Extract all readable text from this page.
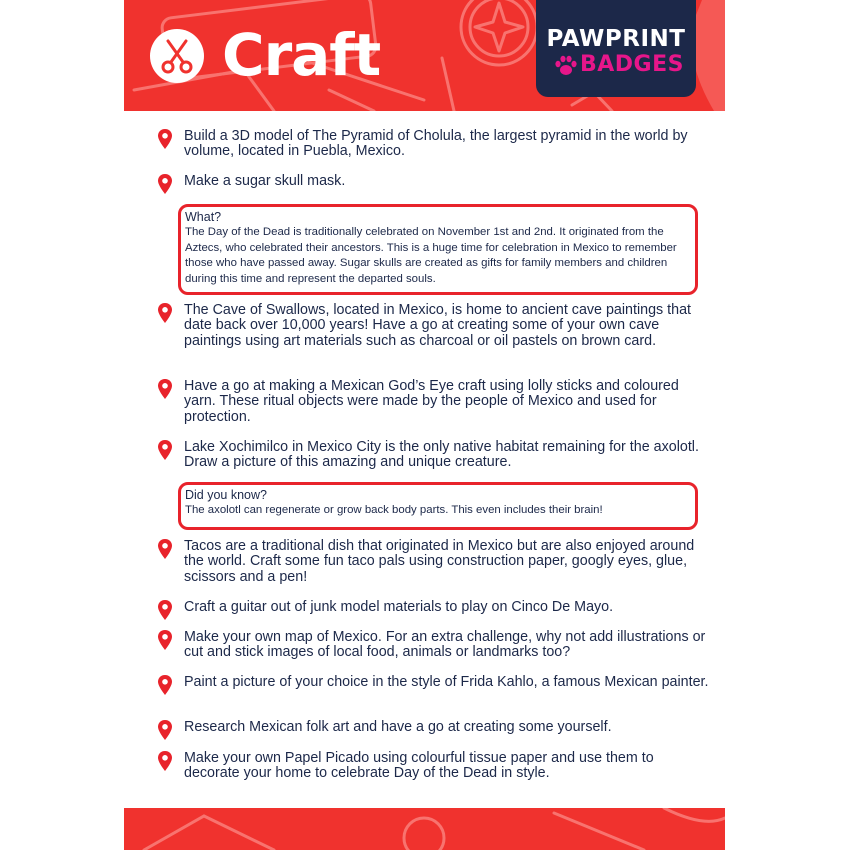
Craft	PAWPRINT
BADGES
Build a 3D model of The Pyramid of Cholula, the largest pyramid in the world by volume, located in Puebla, Mexico.
Make a sugar skull mask.
What?
The Day of the Dead is traditionally celebrated on November 1st and 2nd. It originated from the Aztecs, who celebrated their ancestors. This is a huge time for celebration in Mexico to remember those who have passed away. Sugar skulls are created as gifts for family members and children during this time and represent the departed souls.
The Cave of Swallows, located in Mexico, is home to ancient cave paintings that date back over 10,000 years! Have a go at creating some of your own cave paintings using art materials such as charcoal or oil pastels on brown card.
Have a go at making a Mexican God’s Eye craft using lolly sticks and coloured yarn. These ritual objects were made by the people of Mexico and used for protection.
Lake Xochimilco in Mexico City is the only native habitat remaining for the axolotl. Draw a picture of this amazing and unique creature.
Did you know?
The axolotl can regenerate or grow back body parts. This even includes their brain!
Tacos are a traditional dish that originated in Mexico but are also enjoyed around the world. Craft some fun taco pals using construction paper, googly eyes, glue, scissors and a pen!
Craft a guitar out of junk model materials to play on Cinco De Mayo.
Make your own map of Mexico. For an extra challenge, why not add illustrations or cut and stick images of local food, animals or landmarks too?
Paint a picture of your choice in the style of Frida Kahlo, a famous Mexican painter.
Research Mexican folk art and have a go at creating some yourself.
Make your own Papel Picado using colourful tissue paper and use them to decorate your home to celebrate Day of the Dead in style.
